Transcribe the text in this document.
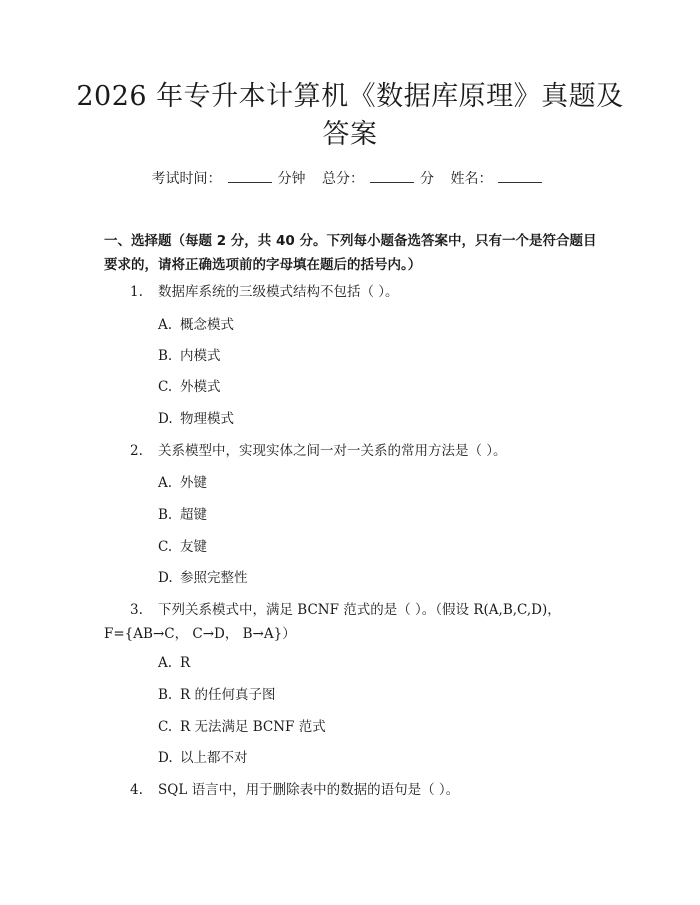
2026 年专升本计算机《数据库原理》真题及
答案
考试时间：	分钟 总分：	分 姓名：
一、选择题（每题 2 分，共 40 分。下列每小题备选答案中，只有一个是符合题目
要求的，请将正确选项前的字母填在题后的括号内。）
1. 数据库系统的三级模式结构不包括（ ）。
A. 概念模式
B. 内模式
C. 外模式
D. 物理模式
2. 关系模型中，实现实体之间一对一关系的常用方法是（ ）。
A. 外键
B. 超键
C. 友键
D. 参照完整性
3. 下列关系模式中，满足 BCNF 范式的是（ ）。（假设 R(A,B,C,D)，
F={AB→C， C→D， B→A}）
A. R
B. R 的任何真子图
C. R 无法满足 BCNF 范式
D. 以上都不对
4. SQL 语言中，用于删除表中的数据的语句是（ ）。
